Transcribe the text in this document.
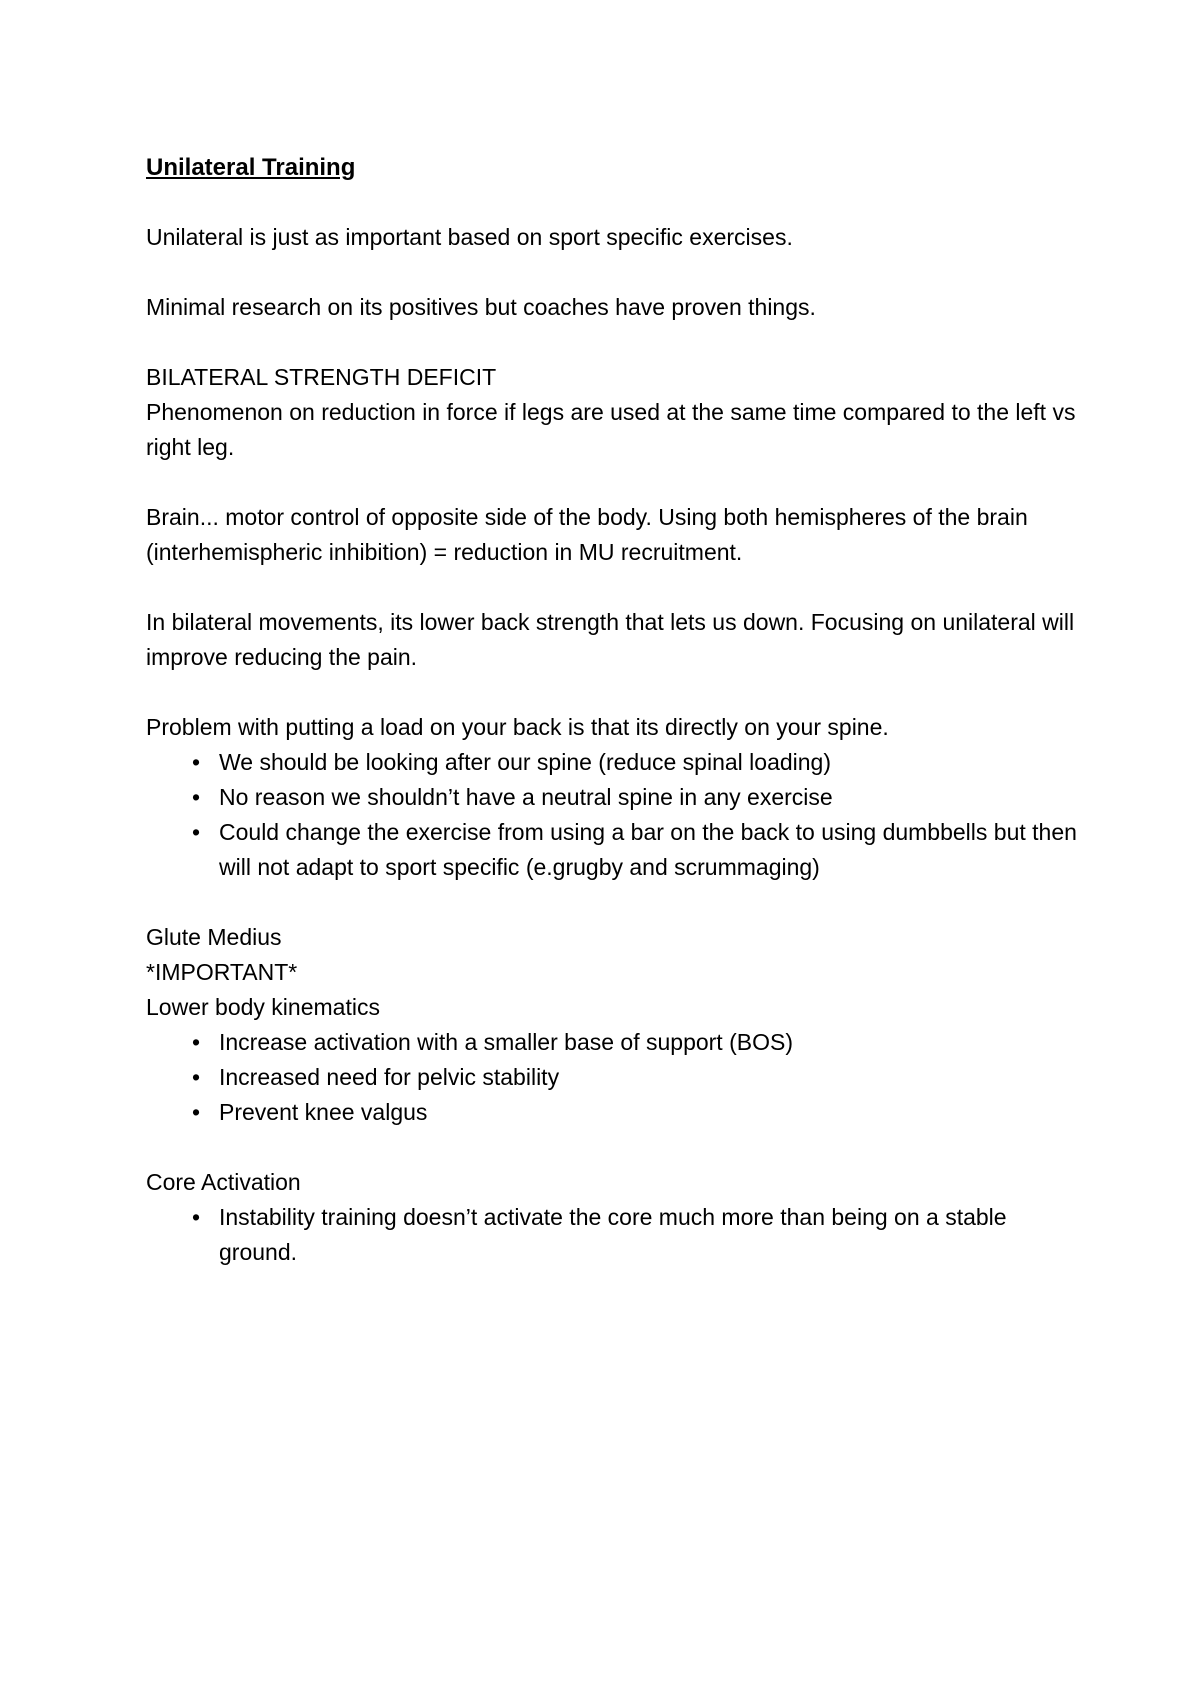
Unilateral Training

Unilateral is just as important based on sport specific exercises.

Minimal research on its positives but coaches have proven things.

BILATERAL STRENGTH DEFICIT

Phenomenon on reduction in force if legs are used at the same time compared to the left vs right leg.

Brain... motor control of opposite side of the body. Using both hemispheres of the brain (interhemispheric inhibition) = reduction in MU recruitment.

In bilateral movements, its lower back strength that lets us down. Focusing on unilateral will improve reducing the pain.

Problem with putting a load on your back is that its directly on your spine.

• We should be looking after our spine (reduce spinal loading)
• No reason we shouldn’t have a neutral spine in any exercise
• Could change the exercise from using a bar on the back to using dumbbells but then will not adapt to sport specific (e.grugby and scrummaging)

Glute Medius

*IMPORTANT*

Lower body kinematics

• Increase activation with a smaller base of support (BOS)
• Increased need for pelvic stability
• Prevent knee valgus

Core Activation

• Instability training doesn’t activate the core much more than being on a stable ground.
